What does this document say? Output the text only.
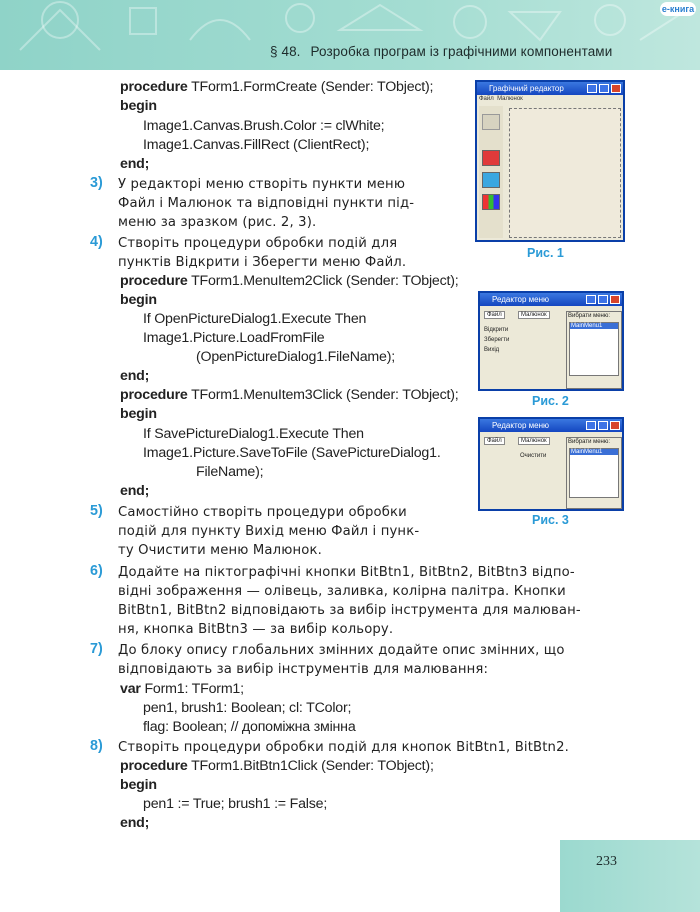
e-книга
§ 48. Розробка програм із графічними компонентами
procedure TForm1.FormCreate (Sender: TObject);
begin
Image1.Canvas.Brush.Color := clWhite;
Image1.Canvas.FillRect (ClientRect);
end;
3) У редакторі меню створіть пункти меню
Файл і Малюнок та відповідні пункти під-
меню за зразком (рис. 2, 3).
4) Створіть процедури обробки подій для
пунктів Відкрити і Зберегти меню Файл.
procedure TForm1.MenuItem2Click (Sender: TObject);
begin
If OpenPictureDialog1.Execute Then
Image1.Picture.LoadFromFile
(OpenPictureDialog1.FileName);
end;
procedure TForm1.MenuItem3Click (Sender: TObject);
begin
If SavePictureDialog1.Execute Then
Image1.Picture.SaveToFile (SavePictureDialog1.
FileName);
end;
5) Самостійно створіть процедури обробки
подій для пункту Вихід меню Файл і пунк-
ту Очистити меню Малюнок.
6) Додайте на піктографічні кнопки BitBtn1, BitBtn2, BitBtn3 відпо-
відні зображення — олівець, заливка, колірна палітра. Кнопки
BitBtn1, BitBtn2 відповідають за вибір інструмента для малюван-
ня, кнопка BitBtn3 — за вибір кольору.
7) До блоку опису глобальних змінних додайте опис змінних, що
відповідають за вибір інструментів для малювання:
var Form1: TForm1;
pen1, brush1: Boolean; cl: TColor;
flag: Boolean; // допоміжна змінна
8) Створіть процедури обробки подій для кнопок BitBtn1, BitBtn2.
procedure TForm1.BitBtn1Click (Sender: TObject);
begin
pen1 := True; brush1 := False;
end;
Графічний редактор
Файл Малюнок
Рис. 1
Редактор меню
Файл	Малюнок
Відкрити
Зберегти
Вихід
Вибрати меню:
MainMenu1
Рис. 2
Редактор меню
Файл	Малюнок
Очистити
Вибрати меню:
MainMenu1
Рис. 3
233
